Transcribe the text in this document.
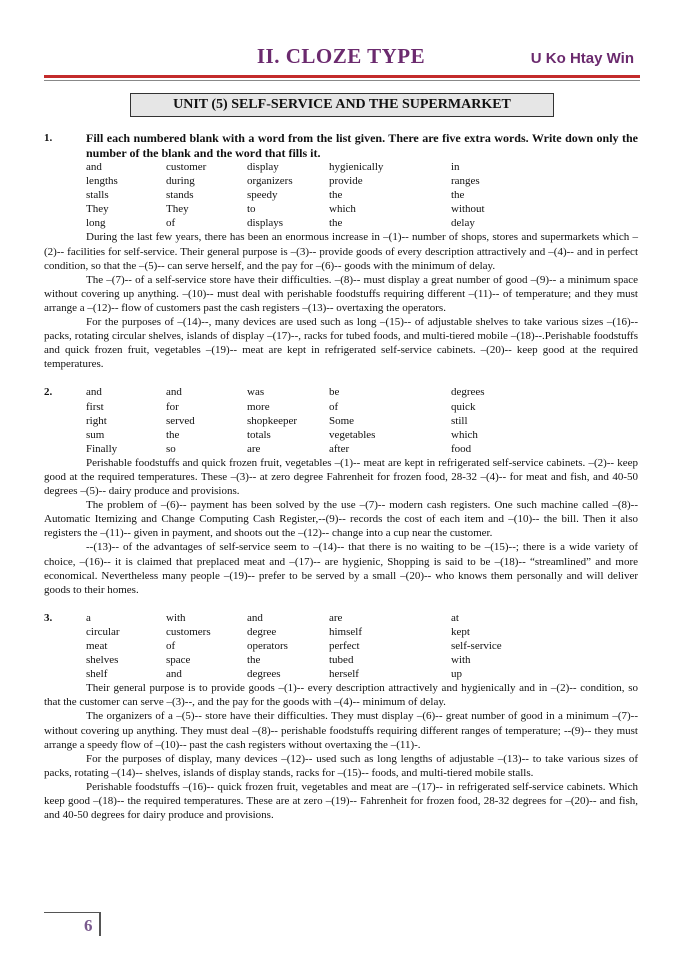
II. CLOZE TYPE	U Ko Htay Win
UNIT (5) SELF-SERVICE AND THE SUPERMARKET
1.	Fill each numbered blank with a word from the list given. There are five extra words. Write down only the number of the blank and the word that fills it.
and	customer	display	hygienically	in
lengths	during	organizers	provide	ranges
stalls	stands	speedy	the	the
They	They	to	which	without
long	of	displays	the	delay

During the last few years, there has been an enormous increase in –(1)-- number of shops, stores and supermarkets which –(2)-- facilities for self-service. Their general purpose is –(3)-- provide goods of every description attractively and –(4)-- and in perfect condition, so that the –(5)-- can serve herself, and the pay for –(6)-- goods with the minimum of delay.

The –(7)-- of a self-service store have their difficulties. –(8)-- must display a great number of good –(9)-- a minimum space without covering up anything. –(10)-- must deal with perishable foodstuffs requiring different –(11)-- of temperature; and they must arrange a –(12)-- flow of customers past the cash registers –(13)-- overtaxing the operators.

For the purposes of –(14)--, many devices are used such as long –(15)-- of adjustable shelves to take various sizes –(16)-- packs, rotating circular shelves, islands of display –(17)--, racks for tubed foods, and multi-tiered mobile –(18)--.Perishable foodstuffs and quick frozen fruit, vegetables –(19)-- meat are kept in refrigerated self-service cabinets. –(20)-- keep good at the required temperatures.

2.	and	and	was	be	degrees
first	for	more	of	quick
right	served	shopkeeper	Some	still
sum	the	totals	vegetables	which
Finally	so	are	after	food

Perishable foodstuffs and quick frozen fruit, vegetables –(1)-- meat are kept in refrigerated self-service cabinets. –(2)-- keep good at the required temperatures. These –(3)-- at zero degree Fahrenheit for frozen food, 28-32 –(4)-- for meat and fish, and 40-50 degrees –(5)-- dairy produce and provisions.

The problem of –(6)-- payment has been solved by the use –(7)-- modern cash registers. One such machine called –(8)-- Automatic Itemizing and Change Computing Cash Register,--(9)-- records the cost of each item and –(10)-- the bill. Then it also registers the –(11)-- given in payment, and shoots out the –(12)-- change into a cup near the customer.

--(13)-- of the advantages of self-service seem to –(14)-- that there is no waiting to be –(15)--; there is a wide variety of choice, –(16)-- it is claimed that preplaced meat and –(17)-- are hygienic, Shopping is said to be –(18)-- “streamlined” and more economical. Nevertheless many people –(19)-- prefer to be served by a small –(20)-- who knows them personally and will deliver goods to their homes.

3.	a	with	and	are	at
circular	customers	degree	himself	kept
meat	of	operators	perfect	self-service
shelves	space	the	tubed	with
shelf	and	degrees	herself	up

Their general purpose is to provide goods –(1)-- every description attractively and hygienically and in –(2)-- condition, so that the customer can serve –(3)--, and the pay for the goods with –(4)-- minimum of delay.

The organizers of a –(5)-- store have their difficulties. They must display –(6)-- great number of good in a minimum –(7)-- without covering up anything. They must deal –(8)-- perishable foodstuffs requiring different ranges of temperature; --(9)-- they must arrange a speedy flow of –(10)-- past the cash registers without overtaxing the –(11)-.

For the purposes of display, many devices –(12)-- used such as long lengths of adjustable –(13)-- to take various sizes of packs, rotating –(14)-- shelves, islands of display stands, racks for –(15)-- foods, and multi-tiered mobile stalls.

Perishable foodstuffs –(16)-- quick frozen fruit, vegetables and meat are –(17)-- in refrigerated self-service cabinets. Which keep good –(18)-- the required temperatures. These are at zero –(19)-- Fahrenheit for frozen food, 28-32 degrees for –(20)-- and fish, and 40-50 degrees for dairy produce and provisions.

6
